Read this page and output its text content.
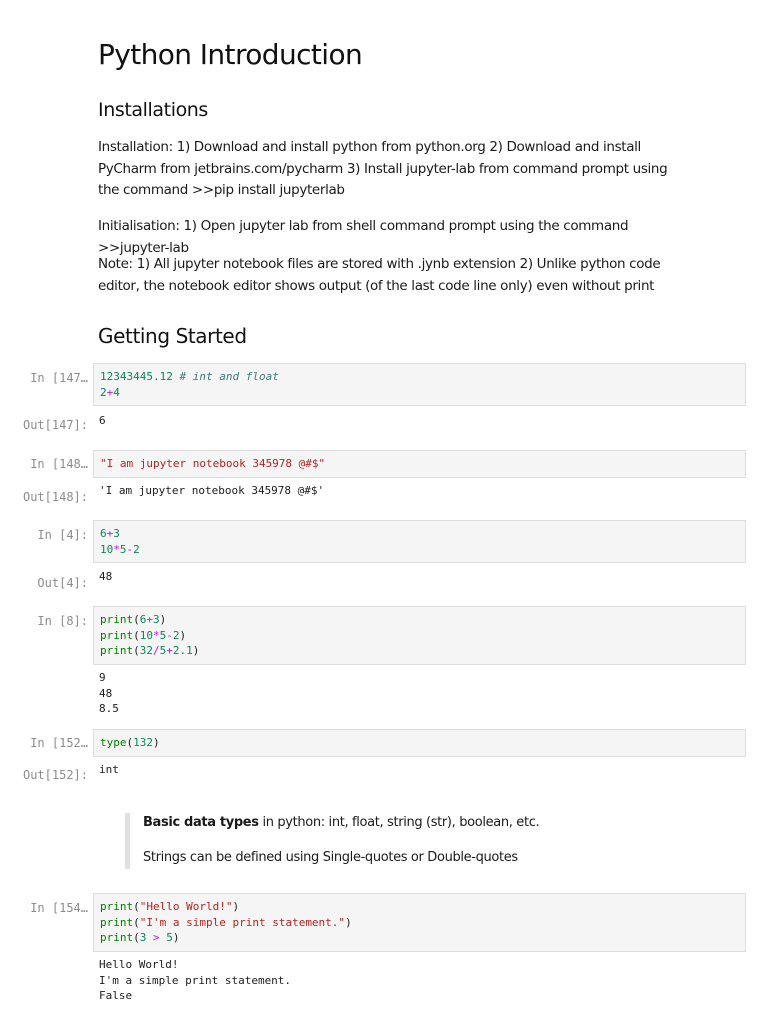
Python Introduction
Installations

Installation: 1) Download and install python from python.org 2) Download and install PyCharm from jetbrains.com/pycharm 3) Install jupyter-lab from command prompt using the command >>pip install jupyterlab

Initialisation: 1) Open jupyter lab from shell command prompt using the command >>jupyter-lab

Note: 1) All jupyter notebook files are stored with .jynb extension 2) Unlike python code editor, the notebook editor shows output (of the last code line only) even without print

Getting Started
In [147… 12343445.12 # int and float
2+4
Out[147]: 6
In [148… "I am jupyter notebook 345978 @#$"
Out[148]: 'I am jupyter notebook 345978 @#$'
In [4]: 6+3
10*5-2
Out[4]: 48
In [8]: print(6+3)
print(10*5-2)
print(32/5+2.1)
9
48
8.5
In [152… type(132)
Out[152]: int
Basic data types in python: int, float, string (str), boolean, etc.
Strings can be defined using Single-quotes or Double-quotes
In [154… print("Hello World!")
print("I'm a simple print statement.")
print(3 > 5)
Hello World!
I'm a simple print statement.
False
